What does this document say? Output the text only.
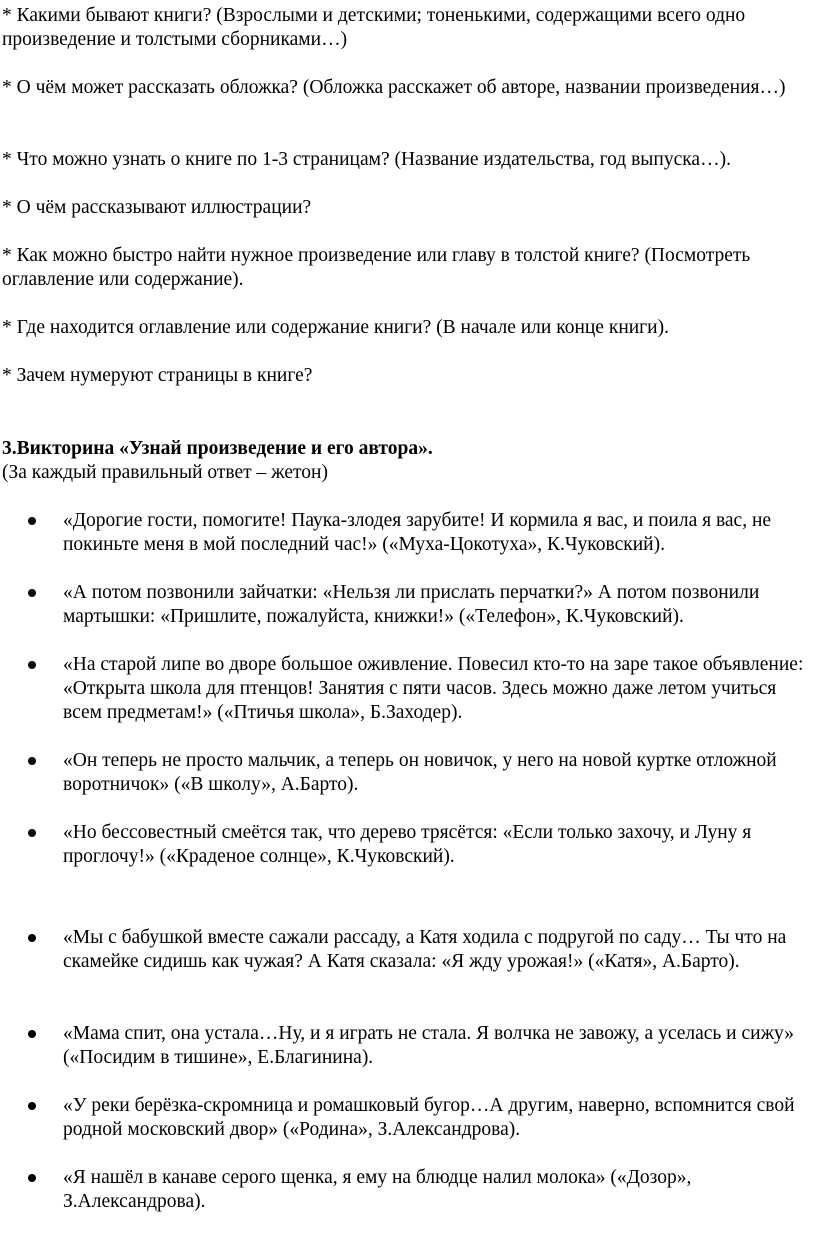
* Какими бывают книги? (Взрослыми и детскими; тоненькими, содержащими всего одно произведение и толстыми сборниками…)

* О чём может рассказать обложка? (Обложка расскажет об авторе, названии произведения…)

* Что можно узнать о книге по 1-3 страницам? (Название издательства, год выпуска…).

* О чём рассказывают иллюстрации?

* Как можно быстро найти нужное произведение или главу в толстой книге? (Посмотреть оглавление или содержание).

* Где находится оглавление или содержание книги? (В начале или конце книги).

* Зачем нумеруют страницы в книге?

3.Викторина «Узнай произведение и его автора».

(За каждый правильный ответ – жетон)

«Дорогие гости, помогите! Паука-злодея зарубите! И кормила я вас, и поила я вас, не покиньте меня в мой последний час!» («Муха-Цокотуха», К.Чуковский).

«А потом позвонили зайчатки: «Нельзя ли прислать перчатки?» А потом позвонили мартышки: «Пришлите, пожалуйста, книжки!» («Телефон», К.Чуковский).

«На старой липе во дворе большое оживление. Повесил кто-то на заре такое объявление: «Открыта школа для птенцов! Занятия с пяти часов. Здесь можно даже летом учиться всем предметам!» («Птичья школа», Б.Заходер).

«Он теперь не просто мальчик, а теперь он новичок, у него на новой куртке отложной воротничок» («В школу», А.Барто).

«Но бессовестный смеётся так, что дерево трясётся: «Если только захочу, и Луну я проглочу!» («Краденое солнце», К.Чуковский).

«Мы с бабушкой вместе сажали рассаду, а Катя ходила с подругой по саду… Ты что на скамейке сидишь как чужая? А Катя сказала: «Я жду урожая!» («Катя», А.Барто).

«Мама спит, она устала…Ну, и я играть не стала. Я волчка не завожу, а уселась и сижу» («Посидим в тишине», Е.Благинина).

«У реки берёзка-скромница и ромашковый бугор…А другим, наверно, вспомнится свой родной московский двор» («Родина», З.Александрова).

«Я нашёл в канаве серого щенка, я ему на блюдце налил молока» («Дозор», З.Александрова).
